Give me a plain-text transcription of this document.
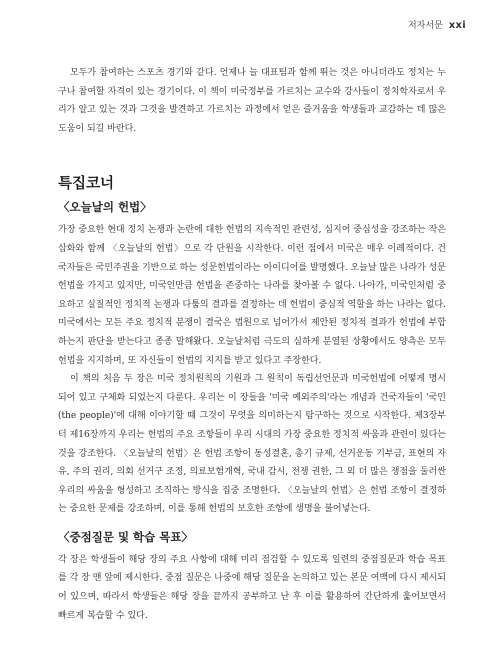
저자서문 xxi

모두가 참여하는 스포츠 경기와 같다. 언제나 늘 대표팀과 함께 뛰는 것은 아니더라도 정치는 누구나 참여할 자격이 있는 경기이다. 이 책이 미국정부를 가르치는 교수와 강사들이 정치학자로서 우리가 알고 있는 것과 그것을 발견하고 가르치는 과정에서 얻은 즐거움을 학생들과 교감하는 데 많은 도움이 되길 바란다.

특집코너
〈오늘날의 헌법〉

가장 중요한 현대 정치 논쟁과 논란에 대한 헌법의 지속적인 관련성, 심지어 중심성을 강조하는 작은 삽화와 함께 〈오늘날의 헌법〉으로 각 단원을 시작한다. 이런 점에서 미국은 매우 이례적이다. 건국자들은 국민주권을 기반으로 하는 성문헌법이라는 아이디어를 발명했다. 오늘날 많은 나라가 성문헌법을 가지고 있지만, 미국인만큼 헌법을 존중하는 나라를 찾아볼 수 없다. 나아가, 미국인처럼 중요하고 실질적인 정치적 논쟁과 다툼의 결과를 결정하는 데 헌법이 중심적 역할을 하는 나라는 없다. 미국에서는 모든 주요 정치적 분쟁이 결국은 법원으로 넘어가서 제안된 정치적 결과가 헌법에 부합하는지 판단을 받는다고 종종 말해왔다. 오늘날처럼 극도의 심하게 분열된 상황에서도 양측은 모두 헌법을 지지하며, 또 자신들이 헌법의 지지를 받고 있다고 주장한다.

이 책의 처음 두 장은 미국 정치원칙의 기원과 그 원칙이 독립선언문과 미국헌법에 어떻게 명시되어 있고 구체화 되었는지 다룬다. 우리는 이 장들을 '미국 예외주의'라는 개념과 건국자들이 '국민(the people)'에 대해 이야기할 때 그것이 무엇을 의미하는지 탐구하는 것으로 시작한다. 제3장부터 제16장까지 우리는 헌법의 주요 조항들이 우리 시대의 가장 중요한 정치적 싸움과 관련이 있다는 것을 강조한다. 〈오늘날의 헌법〉은 헌법 조항이 동성결혼, 총기 규제, 선거운동 기부금, 표현의 자유, 주의 권리, 의회 선거구 조정, 의료보험개혁, 국내 감시, 전쟁 권한, 그 외 더 많은 쟁점을 둘러싼 우리의 싸움을 형성하고 조직하는 방식을 집중 조명한다. 〈오늘날의 헌법〉은 헌법 조항이 결정하는 중요한 문제를 강조하며, 이를 통해 헌법의 보호한 조항에 생명을 불어넣는다.

〈중점질문 및 학습 목표〉

각 장은 학생들이 해당 장의 주요 사항에 대해 미리 점검할 수 있도록 일련의 중점질문과 학습 목표를 각 장 맨 앞에 제시한다. 중점 질문은 나중에 해당 질문을 논의하고 있는 본문 여백에 다시 제시되어 있으며, 따라서 학생들은 해당 장을 끝까지 공부하고 난 후 이를 활용하여 간단하게 훑어보면서 빠르게 복습할 수 있다.
